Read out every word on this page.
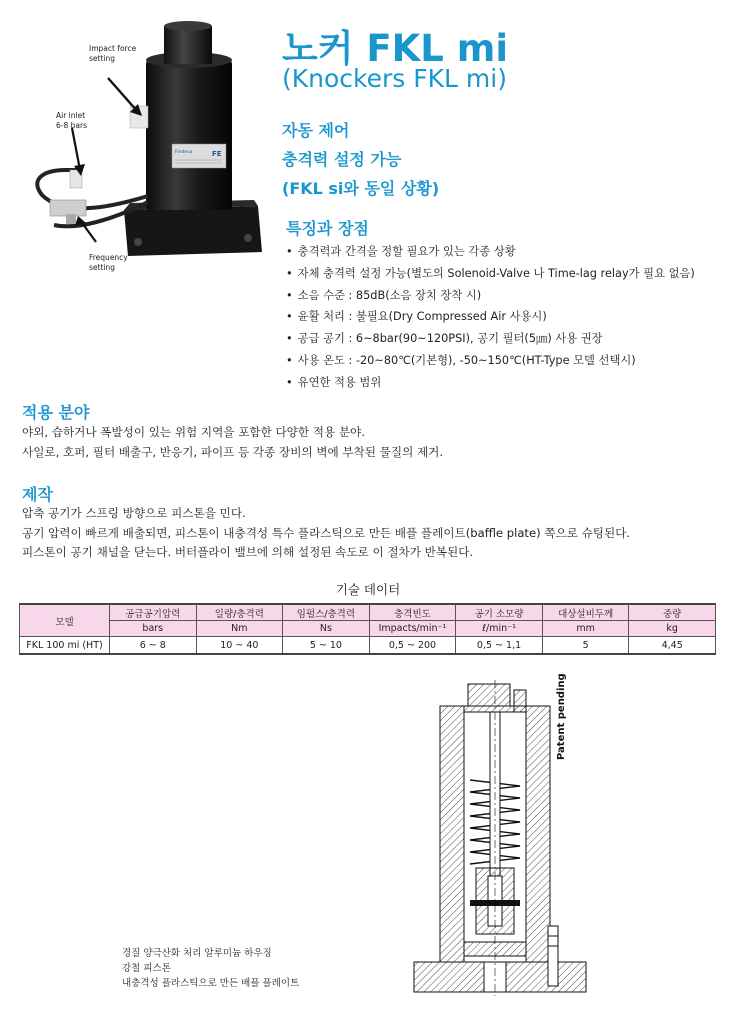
Findeva	FE
Impact force
setting
Air inlet
6-8 bars
Frequency
setting
노커 FKL mi
(Knockers FKL mi)
자동 제어
충격력 설정 가능
(FKL si와 동일 상황)
특징과 장점
• 충격력과 간격을 정할 필요가 있는 각종 상황
• 자체 충격력 설정 가능(별도의 Solenoid-Valve 나 Time-lag relay가 필요 없음)
• 소음 수준 : 85dB(소음 장치 장착 시)
• 윤활 처리 : 불필요(Dry Compressed Air 사용시)
• 공급 공기 : 6~8bar(90~120PSI), 공기 필터(5㎛) 사용 권장
• 사용 온도 : -20~80℃(기본형), -50~150℃(HT-Type 모델 선택시)
• 유연한 적용 범위
적용 분야

야외, 습하거나 폭발성이 있는 위험 지역을 포함한 다양한 적용 분야.

사일로, 호퍼, 필터 배출구, 반응기, 파이프 등 각종 장비의 벽에 부착된 물질의 제거.

제작

압축 공기가 스프링 방향으로 피스톤을 민다.

공기 압력이 빠르게 배출되면, 피스톤이 내충격성 특수 플라스틱으로 만든 배플 플레이트(baffle plate) 쪽으로 슈팅된다.

피스톤이 공기 채널을 닫는다. 버터플라이 밸브에 의해 설정된 속도로 이 절차가 반복된다.

기술 데이터
모델	공급공기압력	일량/충격력	임펄스/충격력	충격빈도	공기 소모량	대상설비두께	중량
	bars	Nm	Ns	Impacts/min⁻¹	ℓ/min⁻¹	mm	kg
FKL 100 mi (HT)	6 ~ 8	10 ~ 40	5 ~ 10	0,5 ~ 200	0,5 ~ 1,1	5	4,45
Patent pending

경질 양극산화 처리 알루미늄 하우징

강철 피스톤

내충격성 플라스틱으로 만든 배플 플레이트
